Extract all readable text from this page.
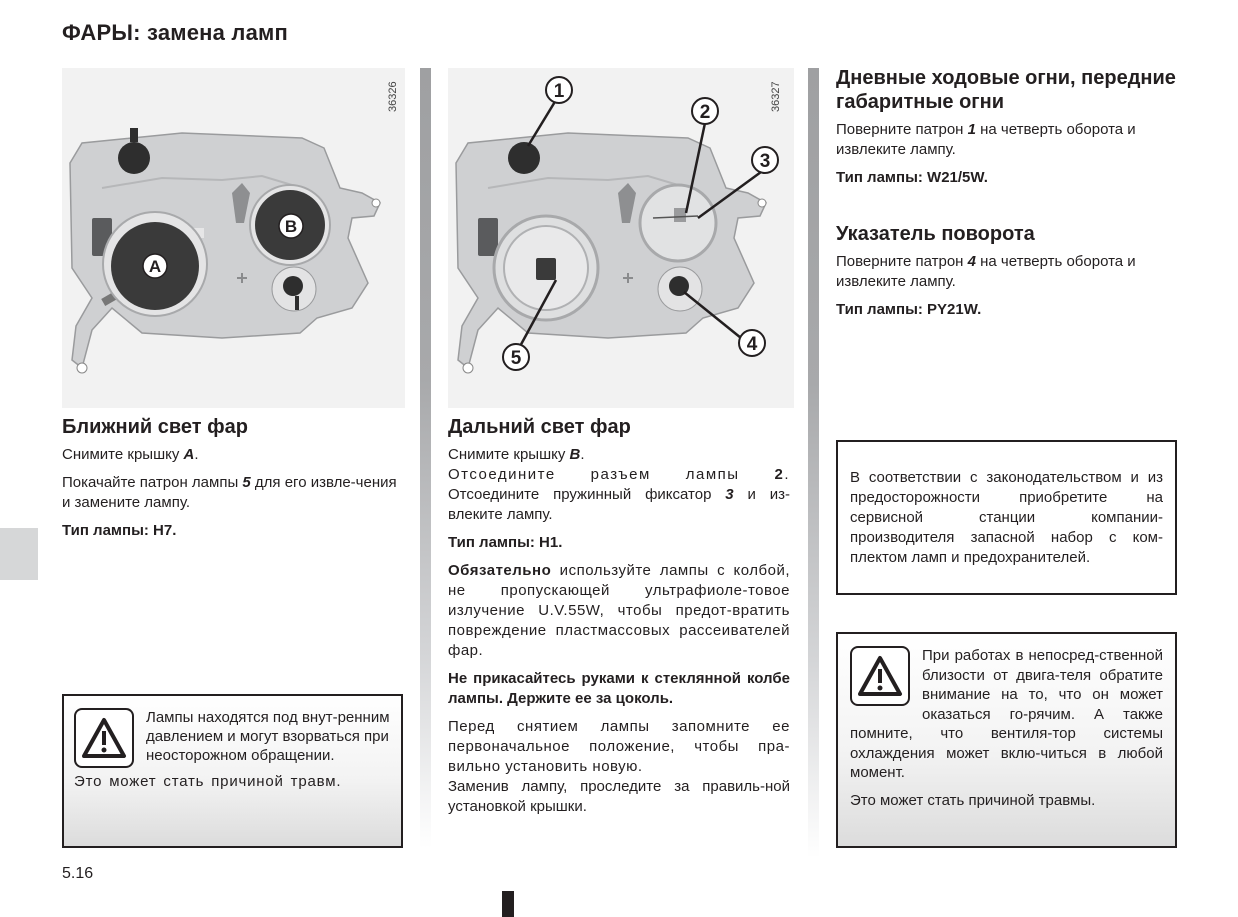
ФАРЫ: замена ламп
A
B
36326	1
2
3
4
5
36327
Ближний свет фар

Снимите крышку A.

Покачайте патрон лампы 5 для его извле-чения и замените лампу.

Тип лампы: H7.

Лампы находятся под внут-ренним давлением и могут взорваться при неосторожном обращении.

Это может стать причиной травм.

Дальний свет фар

Снимите крышку B.

Отсоедините разъем лампы 2.

Отсоедините пружинный фиксатор 3 и из-влеките лампу.

Тип лампы: H1.

Обязательно используйте лампы с колбой, не пропускающей ультрафиоле-товое излучение U.V.55W, чтобы предот-вратить повреждение пластмассовых рассеивателей фар.

Не прикасайтесь руками к стеклянной колбе лампы. Держите ее за цоколь.

Перед снятием лампы запомните ее первоначальное положение, чтобы пра-вильно установить новую.

Заменив лампу, проследите за правиль-ной установкой крышки.

Дневные ходовые огни, передние габаритные огни

Поверните патрон 1 на четверть оборота и извлеките лампу.

Тип лампы: W21/5W.

Указатель поворота

Поверните патрон 4 на четверть оборота и извлеките лампу.

Тип лампы: PY21W.

В соответствии с законодательством и из предосторожности приобретите на сервисной станции компании-производителя запасной набор с ком-плектом ламп и предохранителей.

При работах в непосред-ственной близости от двига-теля обратите внимание на то, что он может оказаться го-рячим. А также помните, что вентиля-тор системы охлаждения может вклю-читься в любой момент.

Это может стать причиной травмы.

5.16
